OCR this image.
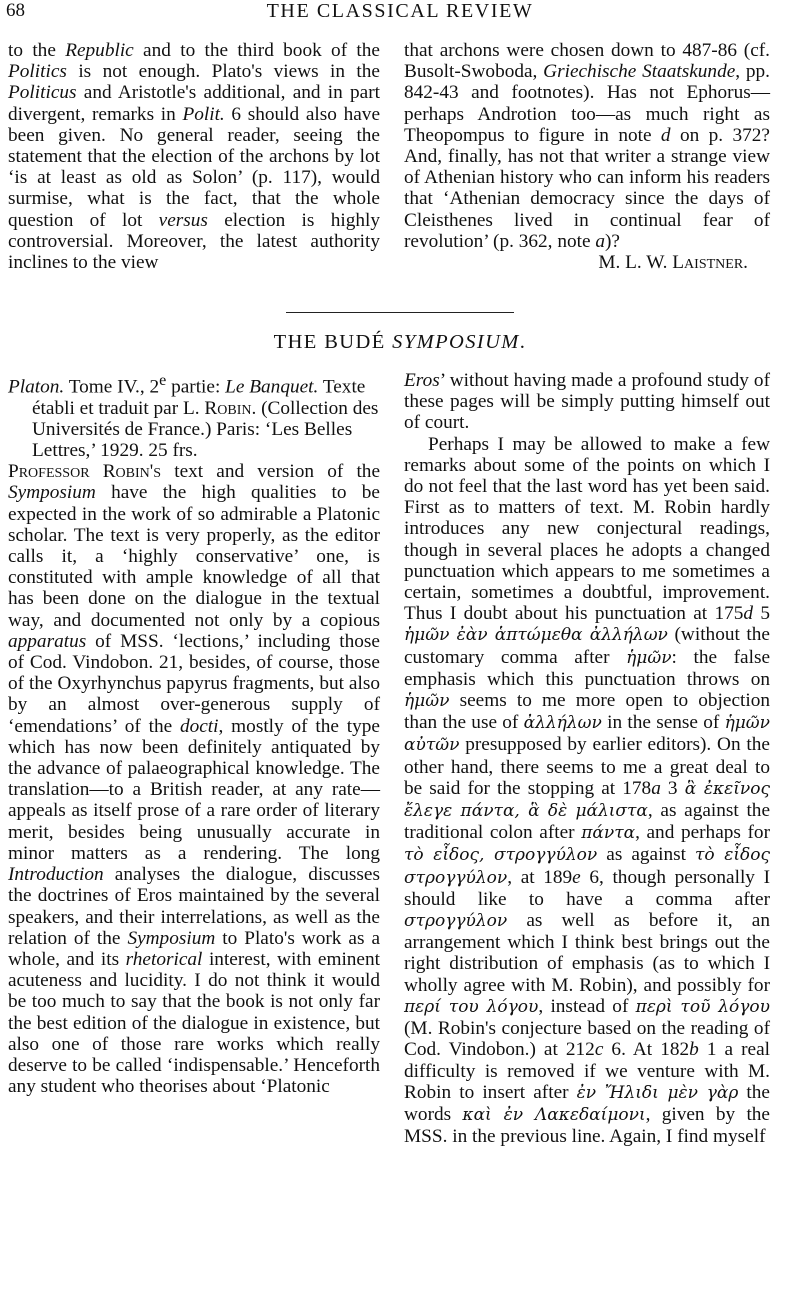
68	THE CLASSICAL REVIEW

to the Republic and to the third book of the Politics is not enough. Plato's views in the Politicus and Aristotle's additional, and in part divergent, remarks in Polit. 6 should also have been given. No general reader, seeing the statement that the election of the archons by lot ‘is at least as old as Solon’ (p. 117), would surmise, what is the fact, that the whole question of lot versus election is highly controversial. Moreover, the latest authority inclines to the view

that archons were chosen down to 487-86 (cf. Busolt-Swoboda, Griechische Staatskunde, pp. 842-43 and footnotes). Has not Ephorus—perhaps Androtion too—as much right as Theopompus to figure in note d on p. 372? And, finally, has not that writer a strange view of Athenian history who can inform his readers that ‘Athenian democracy since the days of Cleisthenes lived in continual fear of revolution’ (p. 362, note a)?

M. L. W. Laistner.

THE BUDÉ SYMPOSIUM.

Platon. Tome IV., 2e partie: Le Banquet. Texte établi et traduit par L. Robin. (Collection des Universités de France.) Paris: ‘Les Belles Lettres,’ 1929. 25 frs.

Professor Robin's text and version of the Symposium have the high qualities to be expected in the work of so admirable a Platonic scholar. The text is very properly, as the editor calls it, a ‘highly conservative’ one, is constituted with ample knowledge of all that has been done on the dialogue in the textual way, and documented not only by a copious apparatus of MSS. ‘lections,’ including those of Cod. Vindobon. 21, besides, of course, those of the Oxyrhynchus papyrus fragments, but also by an almost over-generous supply of ‘emendations’ of the docti, mostly of the type which has now been definitely antiquated by the advance of palaeographical knowledge. The translation—to a British reader, at any rate—appeals as itself prose of a rare order of literary merit, besides being unusually accurate in minor matters as a rendering. The long Introduction analyses the dialogue, discusses the doctrines of Eros maintained by the several speakers, and their interrelations, as well as the relation of the Symposium to Plato's work as a whole, and its rhetorical interest, with eminent acuteness and lucidity. I do not think it would be too much to say that the book is not only far the best edition of the dialogue in existence, but also one of those rare works which really deserve to be called ‘indispensable.’ Henceforth any student who theorises about ‘Platonic

Eros’ without having made a profound study of these pages will be simply putting himself out of court.

Perhaps I may be allowed to make a few remarks about some of the points on which I do not feel that the last word has yet been said. First as to matters of text. M. Robin hardly introduces any new conjectural readings, though in several places he adopts a changed punctuation which appears to me sometimes a certain, sometimes a doubtful, improvement. Thus I doubt about his punctuation at 175d 5 ἡμῶν ἐὰν ἁπτώμεθα ἀλλήλων (without the customary comma after ἡμῶν: the false emphasis which this punctuation throws on ἡμῶν seems to me more open to objection than the use of ἀλλήλων in the sense of ἡμῶν αὐτῶν presupposed by earlier editors). On the other hand, there seems to me a great deal to be said for the stopping at 178a 3 ἃ ἐκεῖνος ἔλεγε πάντα, ἃ δὲ μάλιστα, as against the traditional colon after πάντα, and perhaps for τὸ εἶδος, στρογγύλον as against τὸ εἶδος στρογγύλον, at 189e 6, though personally I should like to have a comma after στρογγύλον as well as before it, an arrangement which I think best brings out the right distribution of emphasis (as to which I wholly agree with M. Robin), and possibly for περί του λόγου, instead of περὶ τοῦ λόγου (M. Robin's conjecture based on the reading of Cod. Vindobon.) at 212c 6. At 182b 1 a real difficulty is removed if we venture with M. Robin to insert after ἐν Ἤλιδι μὲν γὰρ the words καὶ ἐν Λακεδαίμονι, given by the MSS. in the previous line. Again, I find myself
